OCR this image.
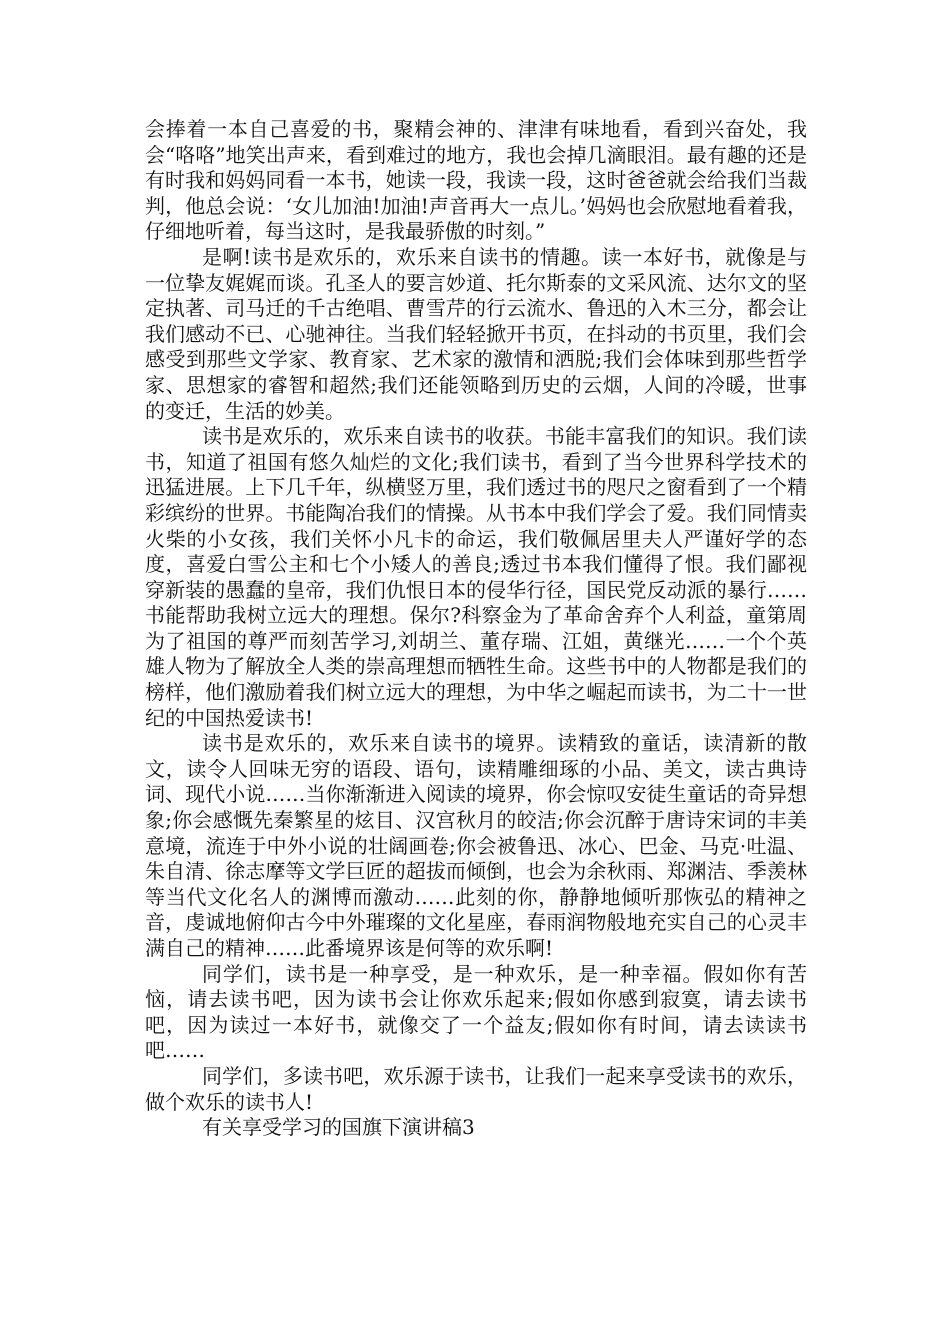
会捧着一本自己喜爱的书，聚精会神的、津津有味地看，看到兴奋处，我会“咯咯”地笑出声来，看到难过的地方，我也会掉几滴眼泪。最有趣的还是有时我和妈妈同看一本书，她读一段，我读一段，这时爸爸就会给我们当裁判，他总会说：‘女儿加油!加油!声音再大一点儿。’妈妈也会欣慰地看着我，仔细地听着，每当这时，是我最骄傲的时刻。”

是啊!读书是欢乐的，欢乐来自读书的情趣。读一本好书，就像是与一位挚友娓娓而谈。孔圣人的要言妙道、托尔斯泰的文采风流、达尔文的坚定执著、司马迁的千古绝唱、曹雪芹的行云流水、鲁迅的入木三分，都会让我们感动不已、心驰神往。当我们轻轻掀开书页，在抖动的书页里，我们会感受到那些文学家、教育家、艺术家的激情和洒脱;我们会体味到那些哲学家、思想家的睿智和超然;我们还能领略到历史的云烟，人间的冷暖，世事的变迁，生活的妙美。

读书是欢乐的，欢乐来自读书的收获。书能丰富我们的知识。我们读书，知道了祖国有悠久灿烂的文化;我们读书，看到了当今世界科学技术的迅猛进展。上下几千年，纵横竖万里，我们透过书的咫尺之窗看到了一个精彩缤纷的世界。书能陶冶我们的情操。从书本中我们学会了爱。我们同情卖火柴的小女孩，我们关怀小凡卡的命运，我们敬佩居里夫人严谨好学的态度，喜爱白雪公主和七个小矮人的善良;透过书本我们懂得了恨。我们鄙视穿新装的愚蠢的皇帝，我们仇恨日本的侵华行径，国民党反动派的暴行……书能帮助我树立远大的理想。保尔?科察金为了革命舍弃个人利益，童第周为了祖国的尊严而刻苦学习,刘胡兰、董存瑞、江姐，黄继光……一个个英雄人物为了解放全人类的崇高理想而牺牲生命。这些书中的人物都是我们的榜样，他们激励着我们树立远大的理想，为中华之崛起而读书，为二十一世纪的中国热爱读书!

读书是欢乐的，欢乐来自读书的境界。读精致的童话，读清新的散文，读令人回味无穷的语段、语句，读精雕细琢的小品、美文，读古典诗词、现代小说……当你渐渐进入阅读的境界，你会惊叹安徒生童话的奇异想象;你会感慨先秦繁星的炫目、汉宫秋月的皎洁;你会沉醉于唐诗宋词的丰美意境，流连于中外小说的壮阔画卷;你会被鲁迅、冰心、巴金、马克·吐温、朱自清、徐志摩等文学巨匠的超拔而倾倒，也会为余秋雨、郑渊洁、季羡林等当代文化名人的渊博而激动……此刻的你，静静地倾听那恢弘的精神之音，虔诚地俯仰古今中外璀璨的文化星座，春雨润物般地充实自己的心灵丰满自己的精神……此番境界该是何等的欢乐啊!

同学们，读书是一种享受，是一种欢乐，是一种幸福。假如你有苦恼，请去读书吧，因为读书会让你欢乐起来;假如你感到寂寞，请去读书吧，因为读过一本好书，就像交了一个益友;假如你有时间，请去读读书吧……

同学们，多读书吧，欢乐源于读书，让我们一起来享受读书的欢乐，做个欢乐的读书人!

有关享受学习的国旗下演讲稿3
